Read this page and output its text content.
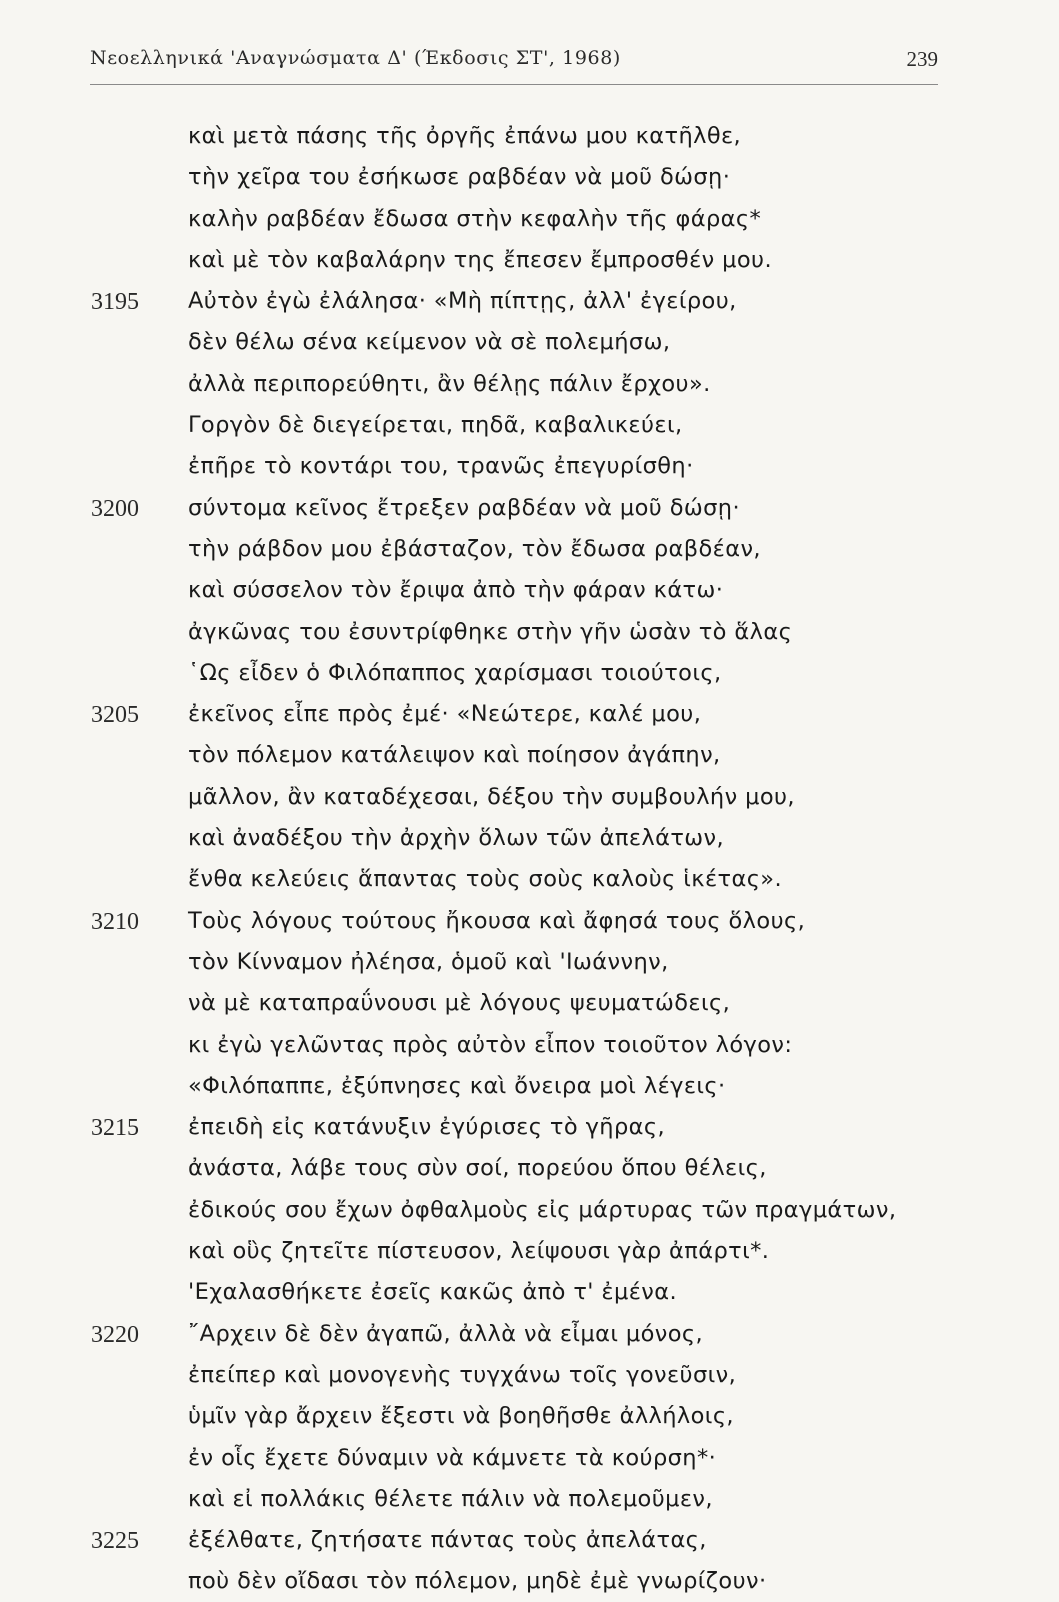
Νεοελληνικά 'Αναγνώσματα Δ' (Έκδοσις ΣΤ', 1968)	239
καὶ μετὰ πάσης τῆς ὀργῆς ἐπάνω μου κατῆλθε,
τὴν χεῖρα του ἐσήκωσε ραβδέαν νὰ μοῦ δώσῃ·
καλὴν ραβδέαν ἔδωσα στὴν κεφαλὴν τῆς φάρας*
καὶ μὲ τὸν καβαλάρην της ἔπεσεν ἔμπροσθέν μου.
3195 Αὐτὸν ἐγὼ ἐλάλησα· «Μὴ πίπτῃς, ἀλλ' ἐγείρου,
δὲν θέλω σένα κείμενον νὰ σὲ πολεμήσω,
ἀλλὰ περιπορεύθητι, ἂν θέλῃς πάλιν ἔρχου».
Γοργὸν δὲ διεγείρεται, πηδᾶ, καβαλικεύει,
ἐπῆρε τὸ κοντάρι του, τρανῶς ἐπεγυρίσθη·
3200 σύντομα κεῖνος ἔτρεξεν ραβδέαν νὰ μοῦ δώσῃ·
τὴν ράβδον μου ἐβάσταζον, τὸν ἔδωσα ραβδέαν,
καὶ σύσσελον τὸν ἔριψα ἀπὸ τὴν φάραν κάτω·
ἀγκῶνας του ἐσυντρίφθηκε στὴν γῆν ὡσὰν τὸ ἅλας
῾Ως εἶδεν ὁ Φιλόπαππος χαρίσμασι τοιούτοις,
3205 ἐκεῖνος εἶπε πρὸς ἐμέ· «Νεώτερε, καλέ μου,
τὸν πόλεμον κατάλειψον καὶ ποίησον ἀγάπην,
μᾶλλον, ἂν καταδέχεσαι, δέξου τὴν συμβουλήν μου,
καὶ ἀναδέξου τὴν ἀρχὴν ὅλων τῶν ἀπελάτων,
ἔνθα κελεύεις ἅπαντας τοὺς σοὺς καλοὺς ἱκέτας».
3210 Τοὺς λόγους τούτους ἤκουσα καὶ ἄφησά τους ὅλους,
τὸν Κίνναμον ἠλέησα, ὁμοῦ καὶ 'Ιωάννην,
νὰ μὲ καταπραΰνουσι μὲ λόγους ψευματώδεις,
κι ἐγὼ γελῶντας πρὸς αὐτὸν εἶπον τοιοῦτον λόγον:
«Φιλόπαππε, ἐξύπνησες καὶ ὄνειρα μοὶ λέγεις·
3215 ἐπειδὴ εἰς κατάνυξιν ἐγύρισες τὸ γῆρας,
ἀνάστα, λάβε τους σὺν σοί, πορεύου ὅπου θέλεις,
ἐδικούς σου ἔχων ὀφθαλμοὺς εἰς μάρτυρας τῶν πραγμάτων,
καὶ οὓς ζητεῖτε πίστευσον, λείψουσι γὰρ ἀπάρτι*.
'Εχαλασθήκετε ἐσεῖς κακῶς ἀπὸ τ' ἐμένα.
3220 ῎Αρχειν δὲ δὲν ἀγαπῶ, ἀλλὰ νὰ εἶμαι μόνος,
ἐπείπερ καὶ μονογενὴς τυγχάνω τοῖς γονεῦσιν,
ὑμῖν γὰρ ἄρχειν ἔξεστι νὰ βοηθῆσθε ἀλλήλοις,
ἐν οἷς ἔχετε δύναμιν νὰ κάμνετε τὰ κούρση*·
καὶ εἰ πολλάκις θέλετε πάλιν νὰ πολεμοῦμεν,
3225 ἐξέλθατε, ζητήσατε πάντας τοὺς ἀπελάτας,
ποὺ δὲν οἴδασι τὸν πόλεμον, μηδὲ ἐμὲ γνωρίζουν·
